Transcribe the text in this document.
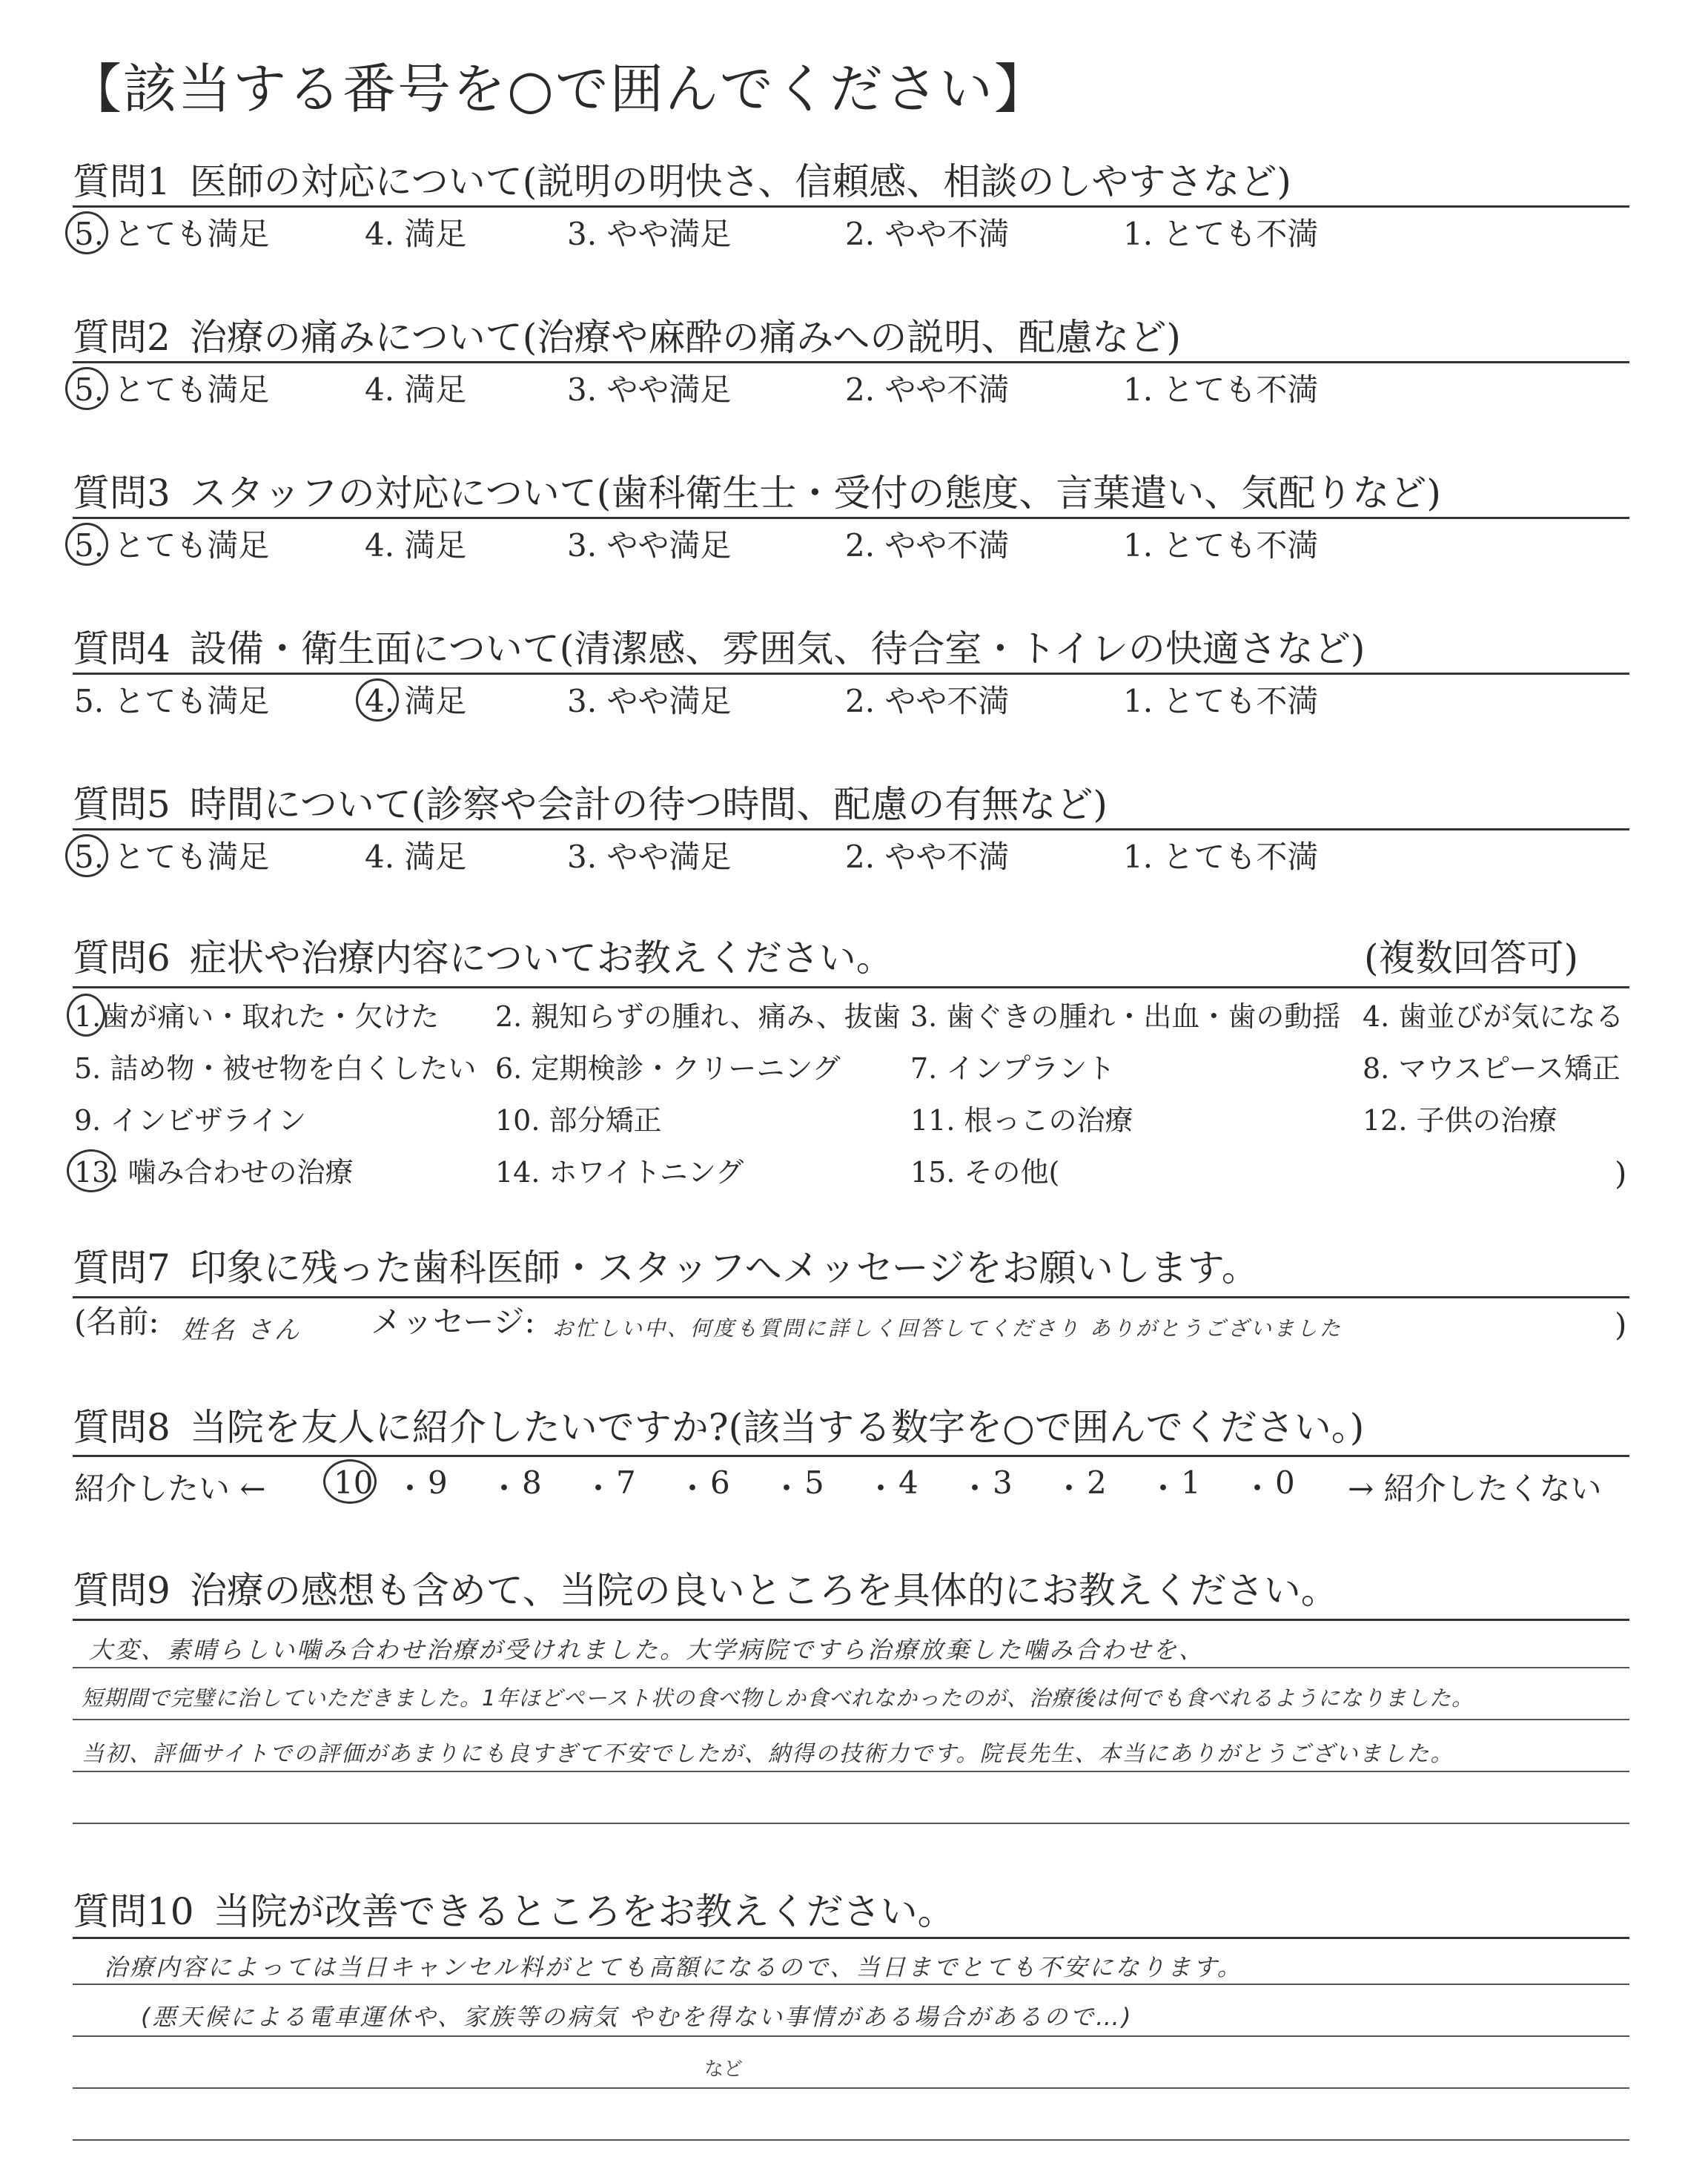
【該当する番号を○で囲んでください】
質問1 医師の対応について(説明の明快さ、信頼感、相談のしやすさなど)
5. とても満足	4. 満足	3. やや満足	2. やや不満	1. とても不満
質問2 治療の痛みについて(治療や麻酔の痛みへの説明、配慮など)
5. とても満足	4. 満足	3. やや満足	2. やや不満	1. とても不満
質問3 スタッフの対応について(歯科衛生士・受付の態度、言葉遣い、気配りなど)
5. とても満足	4. 満足	3. やや満足	2. やや不満	1. とても不満
質問4 設備・衛生面について(清潔感、雰囲気、待合室・トイレの快適さなど)
5. とても満足	4. 満足	3. やや満足	2. やや不満	1. とても不満
質問5 時間について(診察や会計の待つ時間、配慮の有無など)
5. とても満足	4. 満足	3. やや満足	2. やや不満	1. とても不満
質問6 症状や治療内容についてお教えください。	(複数回答可)
1.歯が痛い・取れた・欠けた 2. 親知らずの腫れ、痛み、抜歯 3. 歯ぐきの腫れ・出血・歯の動揺 4. 歯並びが気になる
5. 詰め物・被せ物を白くしたい 6. 定期検診・クリーニング 7. インプラント	8. マウスピース矯正
9. インビザライン	10. 部分矯正	11. 根っこの治療	12. 子供の治療
13. 噛み合わせの治療	14. ホワイトニング	15. その他(	)
質問7 印象に残った歯科医師・スタッフへメッセージをお願いします。
(名前: 姓名 さん メッセージ: お忙しい中、何度も質問に詳しく回答してくださり ありがとうございました	)
質問8 当院を友人に紹介したいですか?(該当する数字を○で囲んでください。)
紹介したい ←	→ 紹介したくない
10 ・ 9 ・ 8 ・ 7 ・ 6 ・ 5 ・ 4 ・ 3 ・ 2 ・ 1 ・ 0
質問9 治療の感想も含めて、当院の良いところを具体的にお教えください。
大変、素晴らしい噛み合わせ治療が受けれました。大学病院ですら治療放棄した噛み合わせを、
短期間で完璧に治していただきました。1年ほどペースト状の食べ物しか食べれなかったのが、治療後は何でも食べれるようになりました。
当初、評価サイトでの評価があまりにも良すぎて不安でしたが、納得の技術力です。院長先生、本当にありがとうございました。
質問10 当院が改善できるところをお教えください。
治療内容によっては当日キャンセル料がとても高額になるので、当日までとても不安になります。
(悪天候による電車運休や、家族等の病気 やむを得ない事情がある場合があるので…)
など
